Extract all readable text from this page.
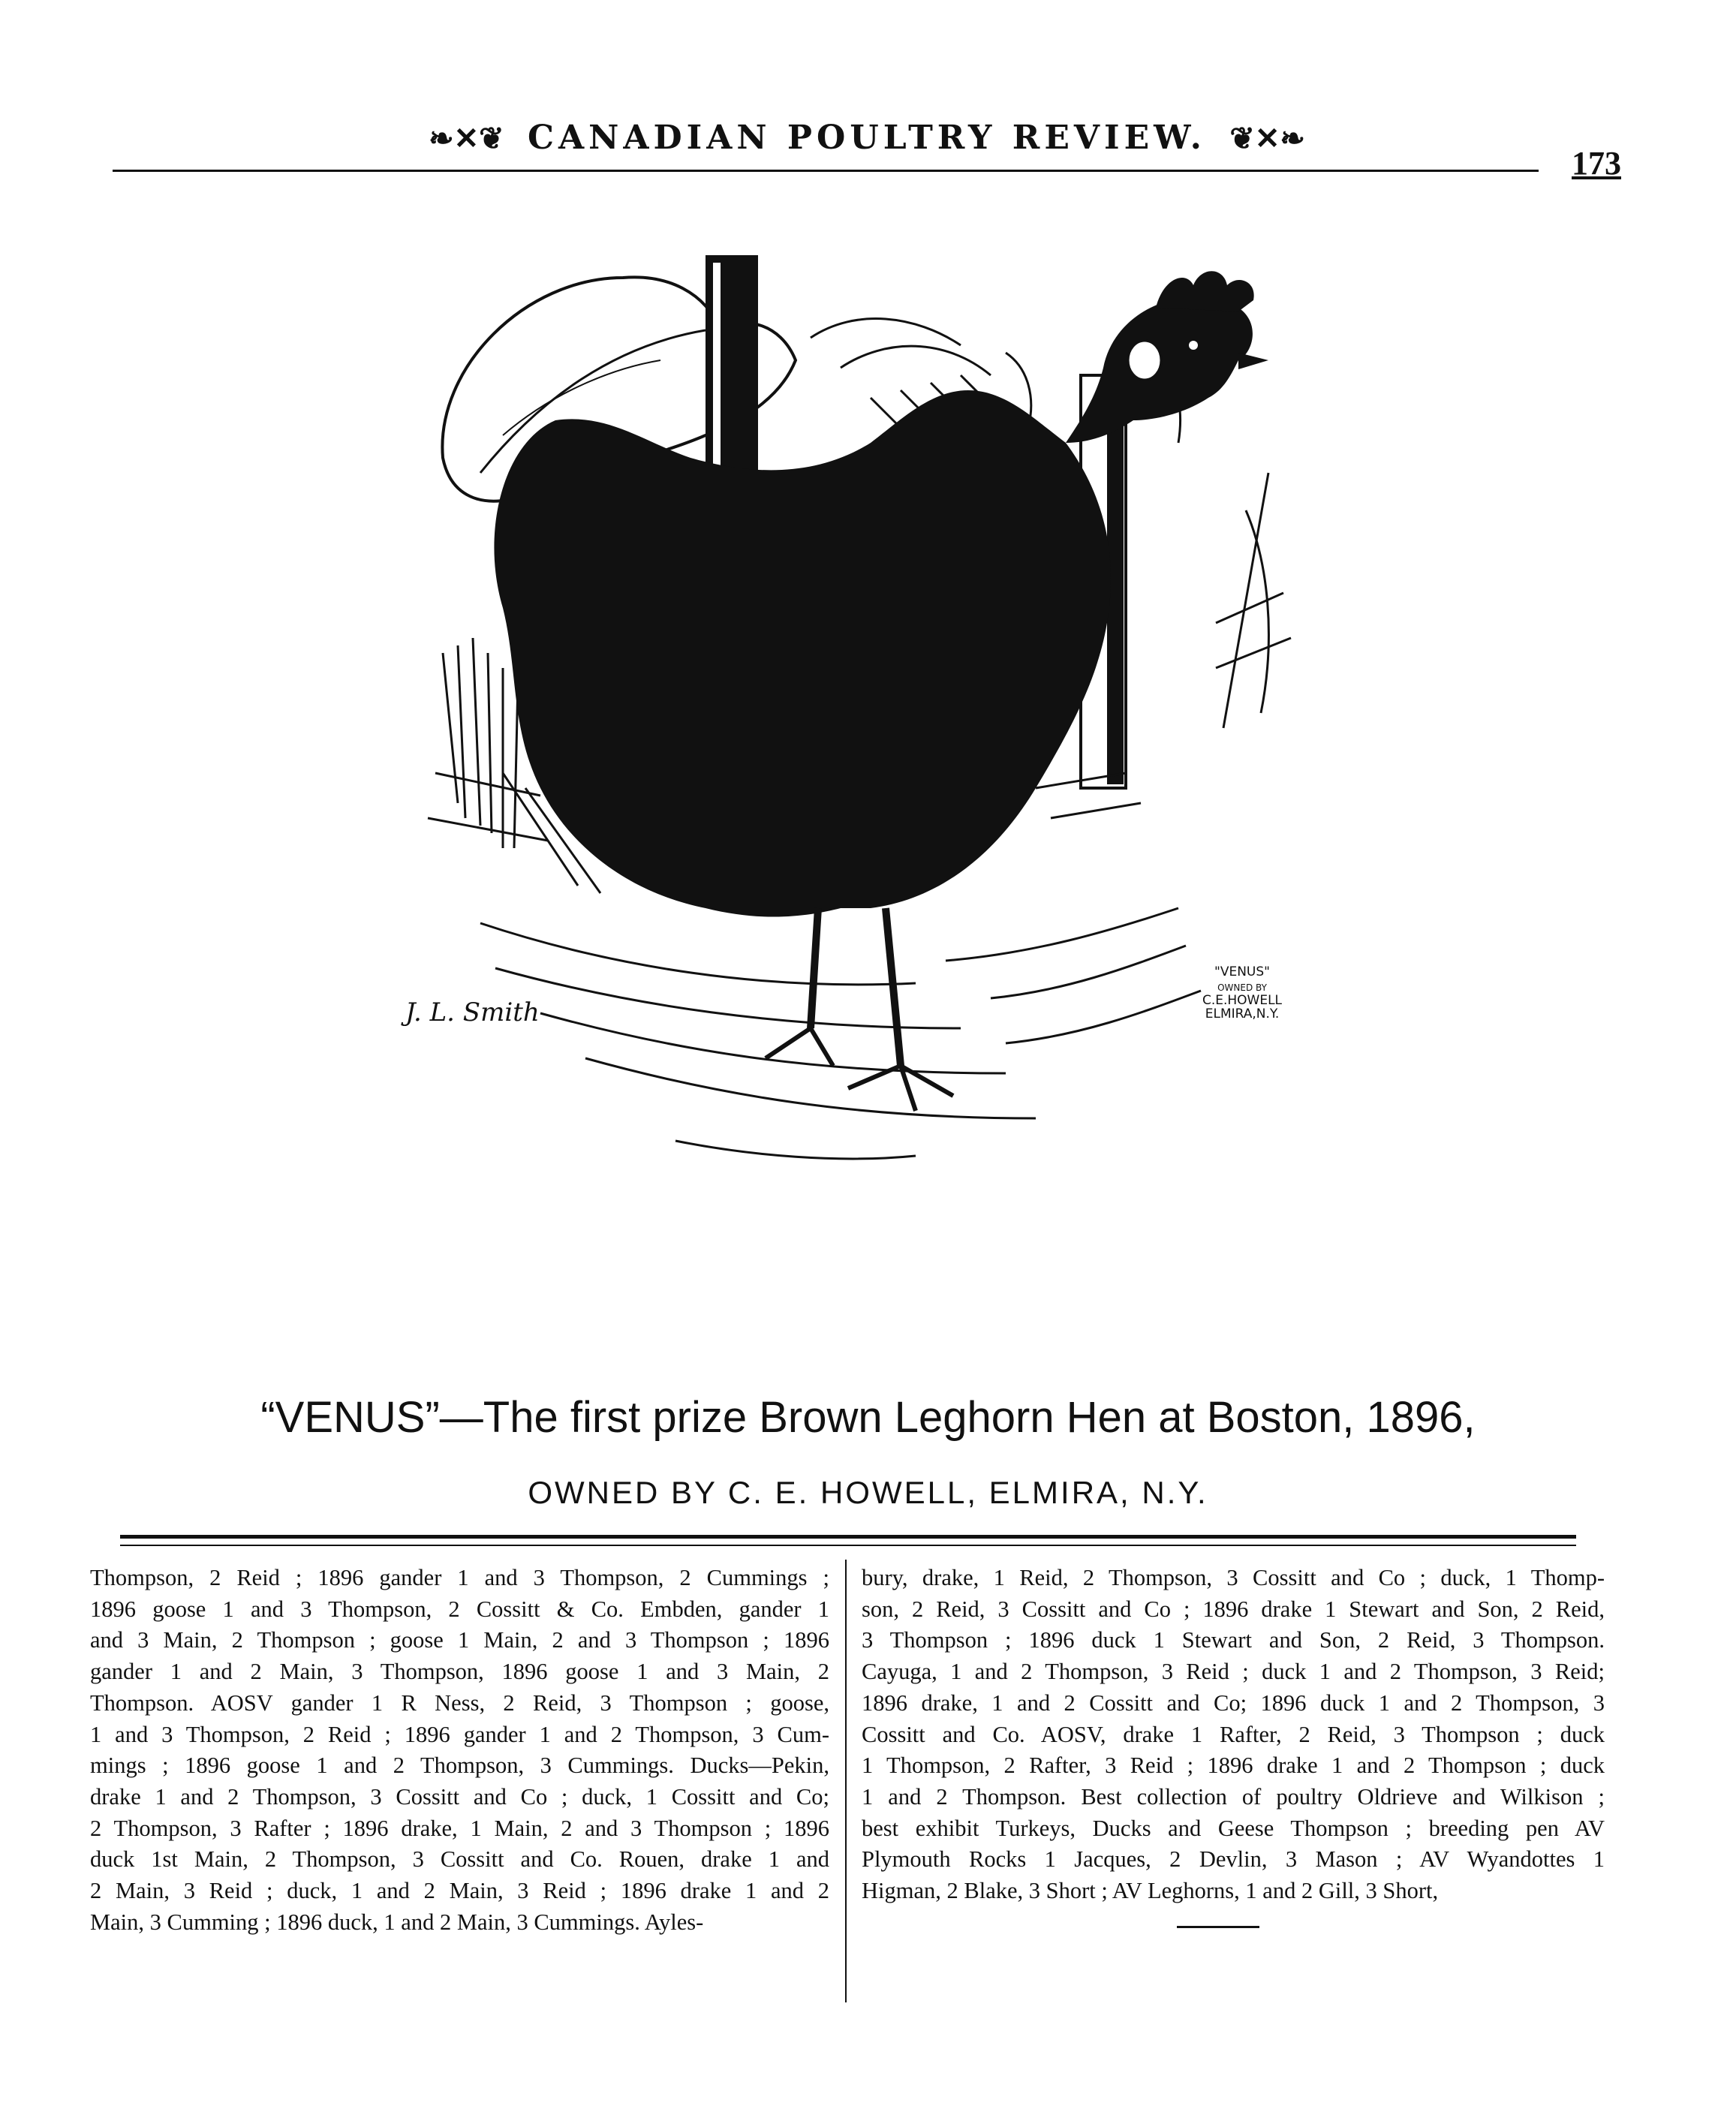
❧✕❦ CANADIAN POULTRY REVIEW. ❦✕❧
173
J. L. Smith
"VENUS"
OWNED BY
C.E.HOWELL
ELMIRA,N.Y.
“VENUS”—The first prize Brown Leghorn Hen at Boston, 1896,
OWNED BY C. E. HOWELL, ELMIRA, N.Y.
Thompson, 2 Reid ; 1896 gander 1 and 3 Thompson, 2 Cummings ;
1896 goose 1 and 3 Thompson, 2 Cossitt & Co. Embden, gander 1
and 3 Main, 2 Thompson ; goose 1 Main, 2 and 3 Thompson ; 1896
gander 1 and 2 Main, 3 Thompson, 1896 goose 1 and 3 Main, 2
Thompson. AOSV gander 1 R Ness, 2 Reid, 3 Thompson ; goose,
1 and 3 Thompson, 2 Reid ; 1896 gander 1 and 2 Thompson, 3 Cum-
mings ; 1896 goose 1 and 2 Thompson, 3 Cummings. Ducks—Pekin,
drake 1 and 2 Thompson, 3 Cossitt and Co ; duck, 1 Cossitt and Co;
2 Thompson, 3 Rafter ; 1896 drake, 1 Main, 2 and 3 Thompson ; 1896
duck 1st Main, 2 Thompson, 3 Cossitt and Co. Rouen, drake 1 and
2 Main, 3 Reid ; duck, 1 and 2 Main, 3 Reid ; 1896 drake 1 and 2
Main, 3 Cumming ; 1896 duck, 1 and 2 Main, 3 Cummings. Ayles-
bury, drake, 1 Reid, 2 Thompson, 3 Cossitt and Co ; duck, 1 Thomp-
son, 2 Reid, 3 Cossitt and Co ; 1896 drake 1 Stewart and Son, 2 Reid,
3 Thompson ; 1896 duck 1 Stewart and Son, 2 Reid, 3 Thompson.
Cayuga, 1 and 2 Thompson, 3 Reid ; duck 1 and 2 Thompson, 3 Reid;
1896 drake, 1 and 2 Cossitt and Co; 1896 duck 1 and 2 Thompson, 3
Cossitt and Co. AOSV, drake 1 Rafter, 2 Reid, 3 Thompson ; duck
1 Thompson, 2 Rafter, 3 Reid ; 1896 drake 1 and 2 Thompson ; duck
1 and 2 Thompson. Best collection of poultry Oldrieve and Wilkison ;
best exhibit Turkeys, Ducks and Geese Thompson ; breeding pen AV
Plymouth Rocks 1 Jacques, 2 Devlin, 3 Mason ; AV Wyandottes 1
Higman, 2 Blake, 3 Short ; AV Leghorns, 1 and 2 Gill, 3 Short,
